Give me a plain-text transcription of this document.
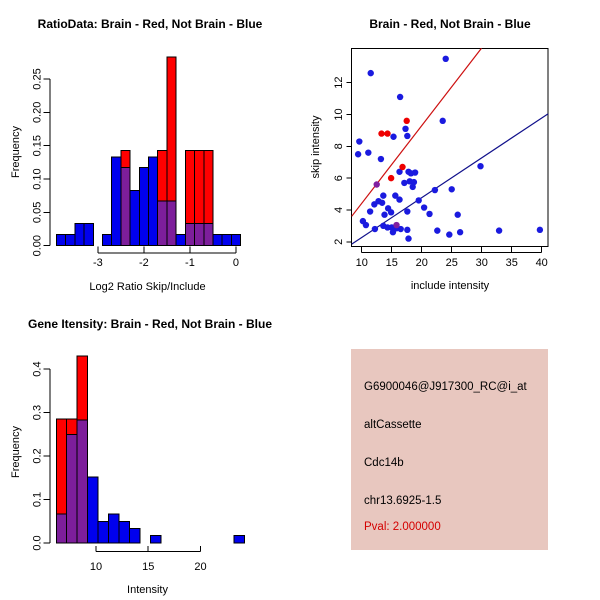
0.00
0.05
0.10
0.15
0.20
0.25
-3	-2	-1	0
RatioData: Brain - Red, Not Brain - Blue
Log2 Ratio Skip/Include
Frequency
2
4
6
8
10
12
10 15 20 25 30 35 40
Brain - Red, Not Brain - Blue
include intensity
skip intensity
0.0
0.1
0.2
0.3
0.4
10	15	20
Gene Itensity: Brain - Red, Not Brain - Blue
Intensity
Frequency
G6900046@J917300_RC@i_at
altCassette
Cdc14b
chr13.6925-1.5
Pval: 2.000000
